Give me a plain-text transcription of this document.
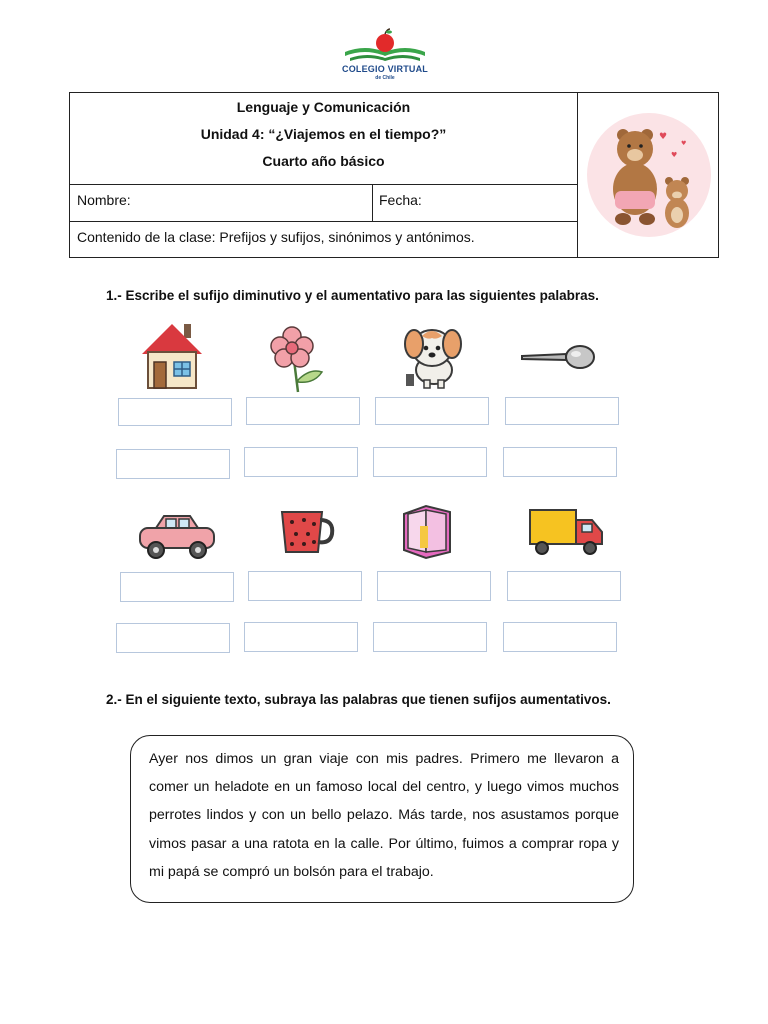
COLEGIO VIRTUAL
de Chile
Lenguaje y Comunicación
Unidad 4: “¿Viajemos en el tiempo?”
Cuarto año básico
Nombre:	Fecha:
Contenido de la clase: Prefijos y sufijos, sinónimos y antónimos.
♥
♥
♥
1.- Escribe el sufijo diminutivo y el aumentativo para las siguientes palabras.
2.- En el siguiente texto, subraya las palabras que tienen sufijos aumentativos.
Ayer nos dimos un gran viaje con mis padres. Primero me llevaron a comer un heladote en un famoso local del centro, y luego vimos muchos perrotes lindos y con un bello pelazo. Más tarde, nos asustamos porque vimos pasar a una ratota en la calle. Por último, fuimos a comprar ropa y mi papá se compró un bolsón para el trabajo.
